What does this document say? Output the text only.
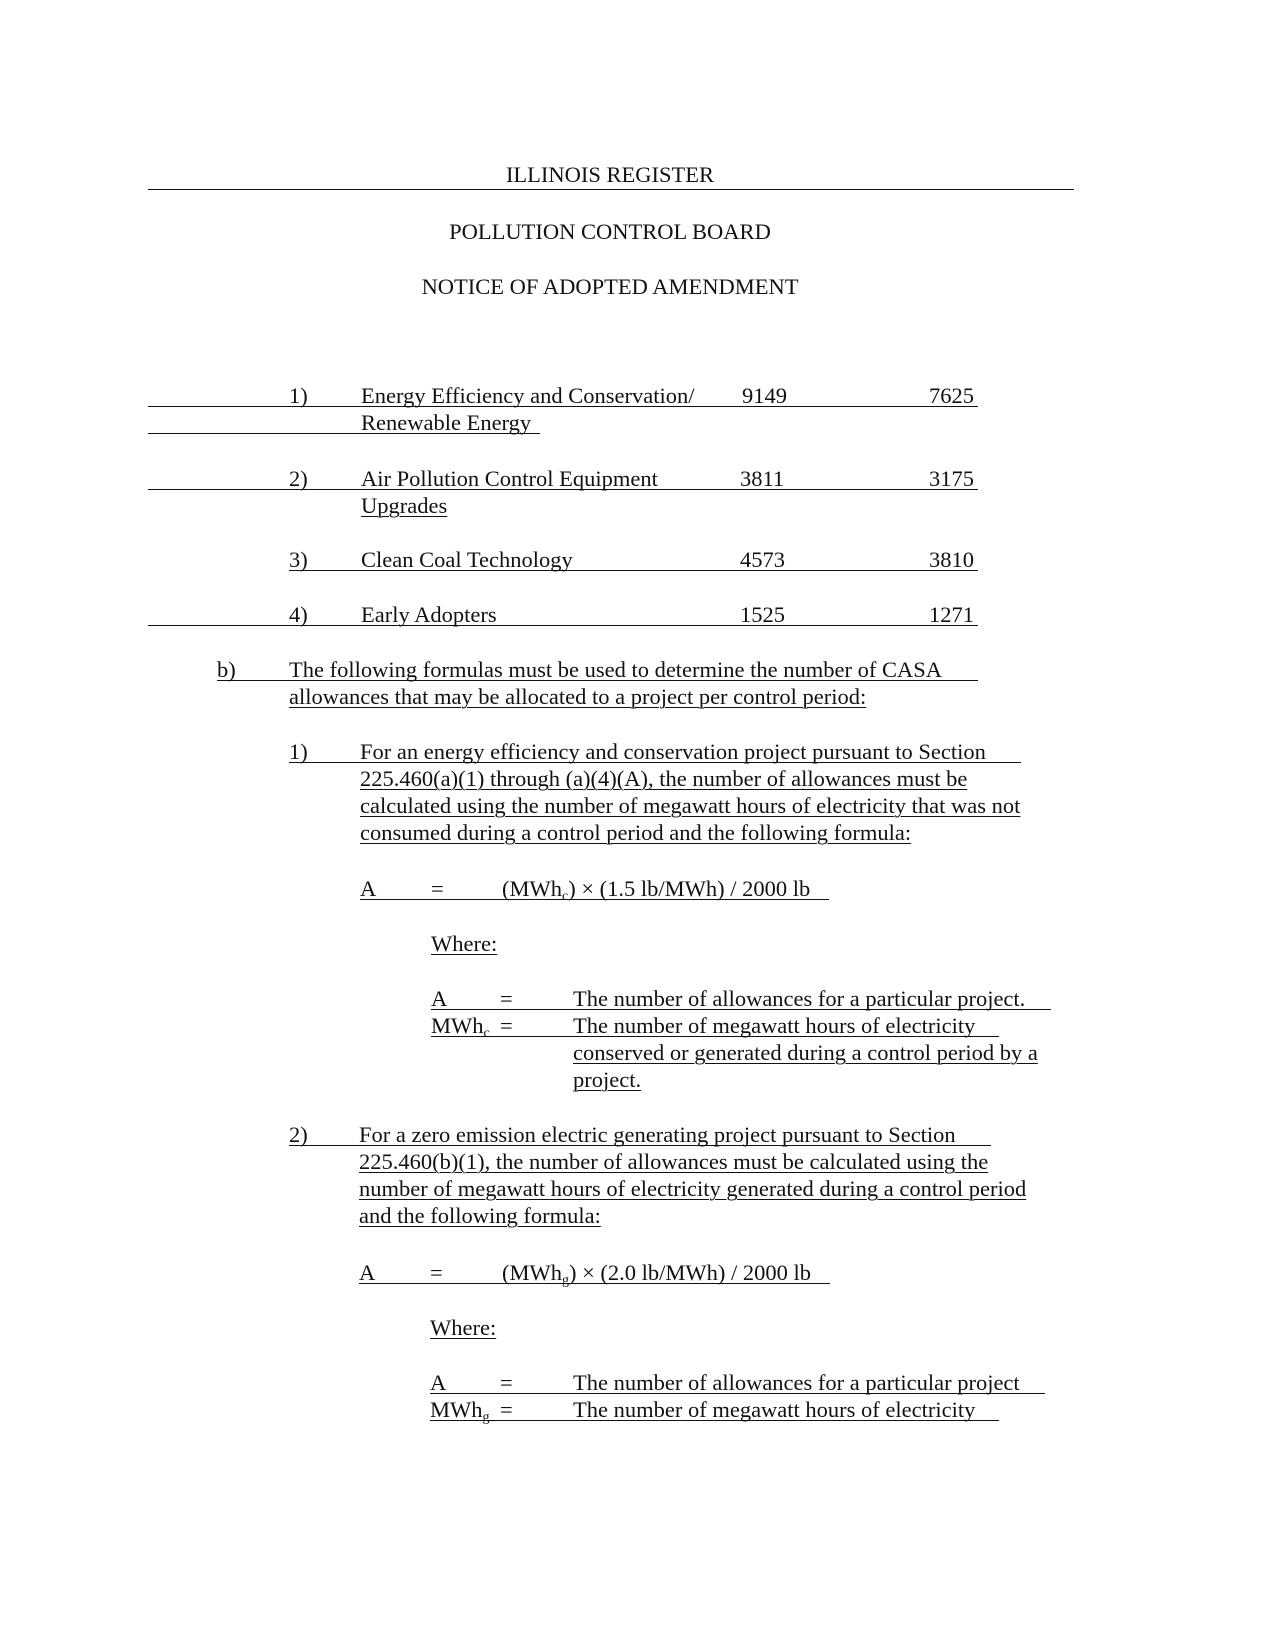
ILLINOIS REGISTER
POLLUTION CONTROL BOARD
NOTICE OF ADOPTED AMENDMENT
1) Energy Efficiency and Conservation/ 9149	7625
Renewable Energy
2) Air Pollution Control Equipment	3811	3175
Upgrades
3) Clean Coal Technology	4573	3810
4) Early Adopters	1525	1271
b) The following formulas must be used to determine the number of CASA
allowances that may be allocated to a project per control period:
1) For an energy efficiency and conservation project pursuant to Section
225.460(a)(1) through (a)(4)(A), the number of allowances must be
calculated using the number of megawatt hours of electricity that was not
consumed during a control period and the following formula:
A =	(MWh$_c$) × (1.5 lb/MWh) / 2000 lb
Where:
A =	The number of allowances for a particular project.
MWh$_c$ =	The number of megawatt hours of electricity
conserved or generated during a control period by a
project.
2) For a zero emission electric generating project pursuant to Section
225.460(b)(1), the number of allowances must be calculated using the
number of megawatt hours of electricity generated during a control period
and the following formula:
A =	(MWh$_g$) × (2.0 lb/MWh) / 2000 lb
Where:
A =	The number of allowances for a particular project
MWh$_g$ =	The number of megawatt hours of electricity
